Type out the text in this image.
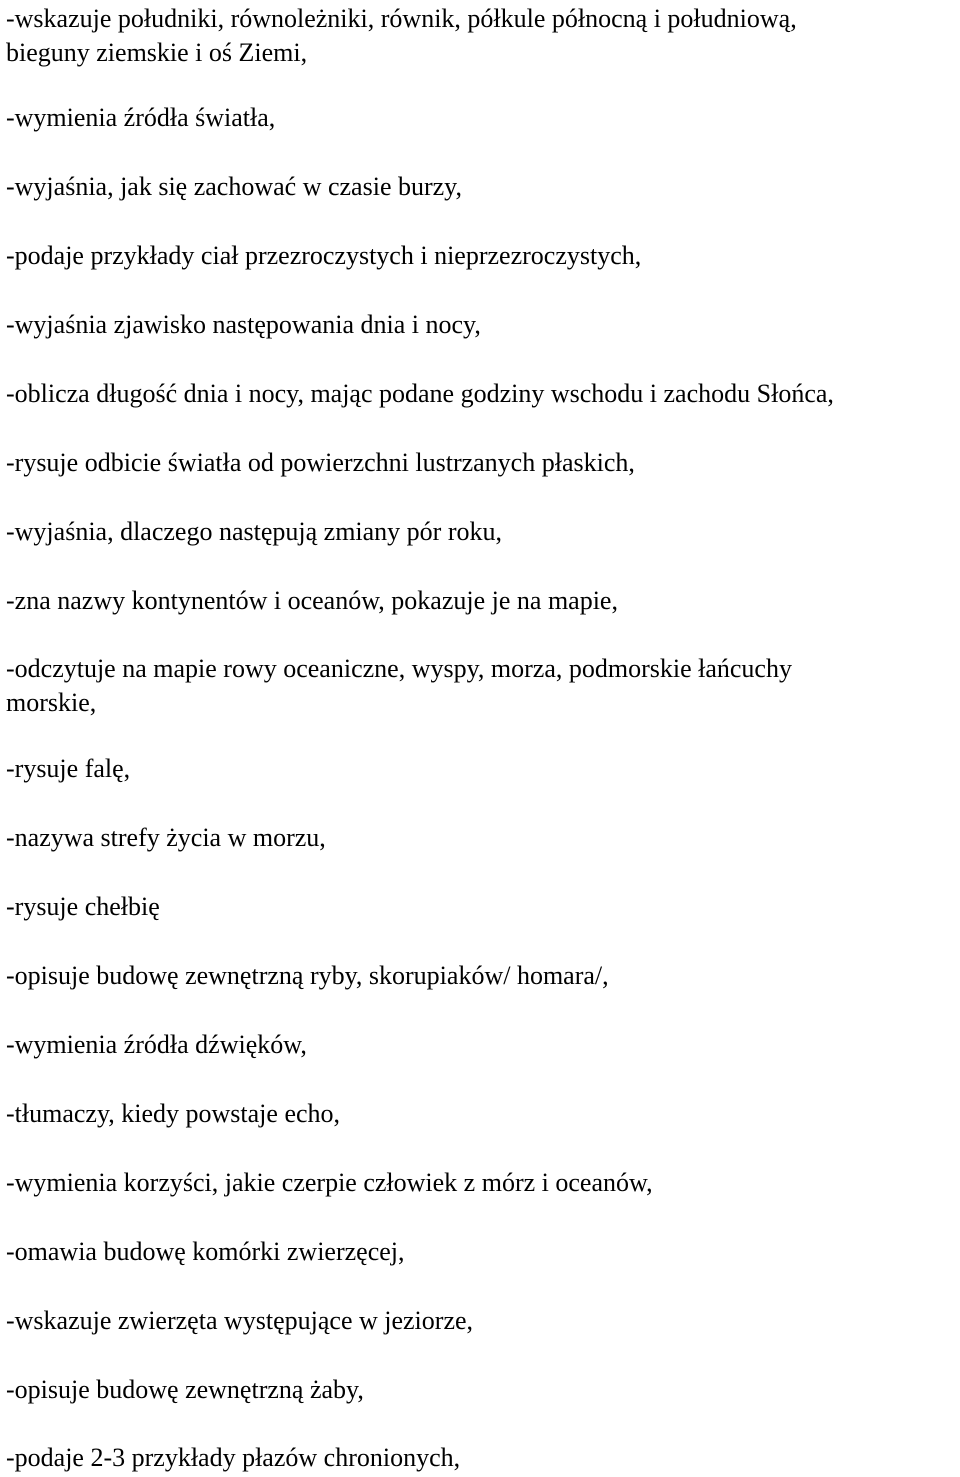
-wskazuje południki, równoleżniki, równik, półkule północną i południową,

bieguny ziemskie i oś Ziemi,

-wymienia źródła światła,

-wyjaśnia, jak się zachować w czasie burzy,

-podaje przykłady ciał przezroczystych i nieprzezroczystych,

-wyjaśnia zjawisko następowania dnia i nocy,

-oblicza długość dnia i nocy, mając podane godziny wschodu i zachodu Słońca,

-rysuje odbicie światła od powierzchni lustrzanych płaskich,

-wyjaśnia, dlaczego następują zmiany pór roku,

-zna nazwy kontynentów i oceanów, pokazuje je na mapie,

-odczytuje na mapie rowy oceaniczne, wyspy, morza, podmorskie łańcuchy

morskie,

-rysuje falę,

-nazywa strefy życia w morzu,

-rysuje chełbię

-opisuje budowę zewnętrzną ryby, skorupiaków/ homara/,

-wymienia źródła dźwięków,

-tłumaczy, kiedy powstaje echo,

-wymienia korzyści, jakie czerpie człowiek z mórz i oceanów,

-omawia budowę komórki zwierzęcej,

-wskazuje zwierzęta występujące w jeziorze,

-opisuje budowę zewnętrzną żaby,

-podaje 2-3 przykłady płazów chronionych,
